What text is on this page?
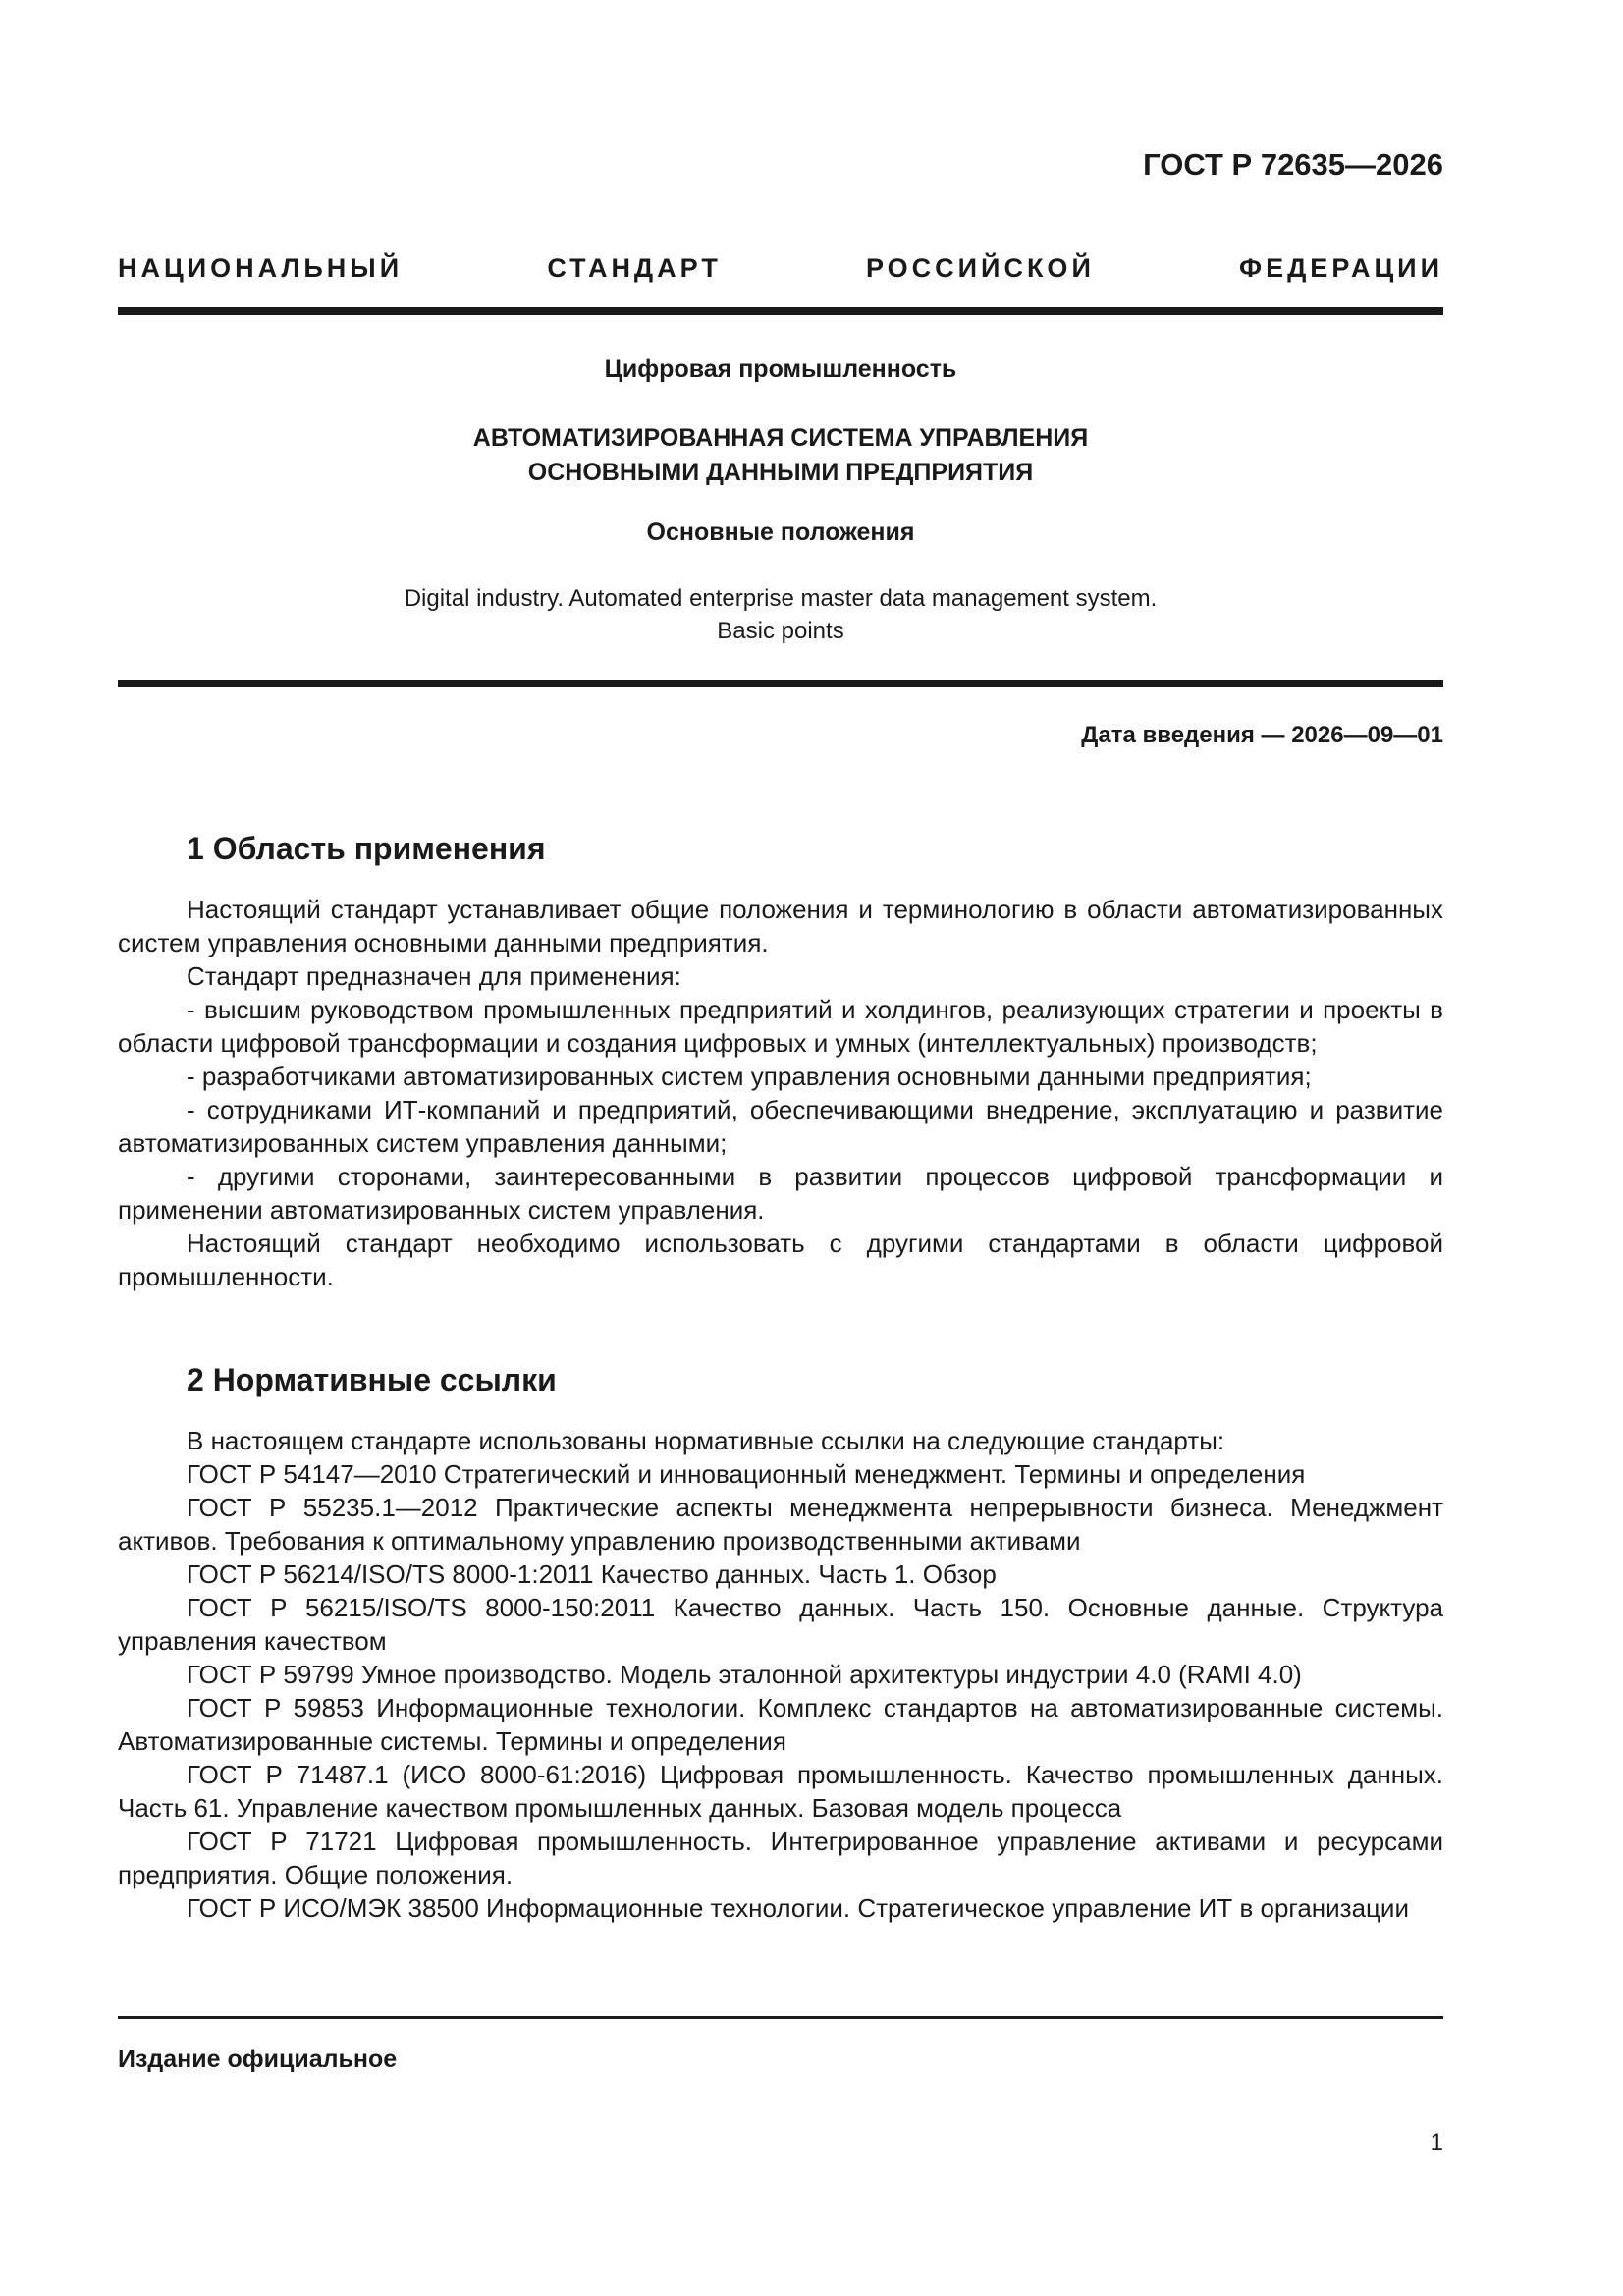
ГОСТ Р 72635—2026
НАЦИОНАЛЬНЫЙ СТАНДАРТ РОССИЙСКОЙ ФЕДЕРАЦИИ
Цифровая промышленность
АВТОМАТИЗИРОВАННАЯ СИСТЕМА УПРАВЛЕНИЯ
ОСНОВНЫМИ ДАННЫМИ ПРЕДПРИЯТИЯ
Основные положения
Digital industry. Automated enterprise master data management system.
Basic points
Дата введения — 2026—09—01
1 Область применения

Настоящий стандарт устанавливает общие положения и терминологию в области автоматизированных систем управления основными данными предприятия.

Стандарт предназначен для применения:

- высшим руководством промышленных предприятий и холдингов, реализующих стратегии и проекты в области цифровой трансформации и создания цифровых и умных (интеллектуальных) производств;

- разработчиками автоматизированных систем управления основными данными предприятия;

- сотрудниками ИТ-компаний и предприятий, обеспечивающими внедрение, эксплуатацию и развитие автоматизированных систем управления данными;

- другими сторонами, заинтересованными в развитии процессов цифровой трансформации и применении автоматизированных систем управления.

Настоящий стандарт необходимо использовать с другими стандартами в области цифровой промышленности.

2 Нормативные ссылки

В настоящем стандарте использованы нормативные ссылки на следующие стандарты:

ГОСТ Р 54147—2010 Стратегический и инновационный менеджмент. Термины и определения

ГОСТ Р 55235.1—2012 Практические аспекты менеджмента непрерывности бизнеса. Менеджмент активов. Требования к оптимальному управлению производственными активами

ГОСТ Р 56214/ISO/TS 8000-1:2011 Качество данных. Часть 1. Обзор

ГОСТ Р 56215/ISO/TS 8000-150:2011 Качество данных. Часть 150. Основные данные. Структура управления качеством

ГОСТ Р 59799 Умное производство. Модель эталонной архитектуры индустрии 4.0 (RAMI 4.0)

ГОСТ Р 59853 Информационные технологии. Комплекс стандартов на автоматизированные системы. Автоматизированные системы. Термины и определения

ГОСТ Р 71487.1 (ИСО 8000-61:2016) Цифровая промышленность. Качество промышленных данных. Часть 61. Управление качеством промышленных данных. Базовая модель процесса

ГОСТ Р 71721 Цифровая промышленность. Интегрированное управление активами и ресурсами предприятия. Общие положения.

ГОСТ Р ИСО/МЭК 38500 Информационные технологии. Стратегическое управление ИТ в организации

Издание официальное
1
